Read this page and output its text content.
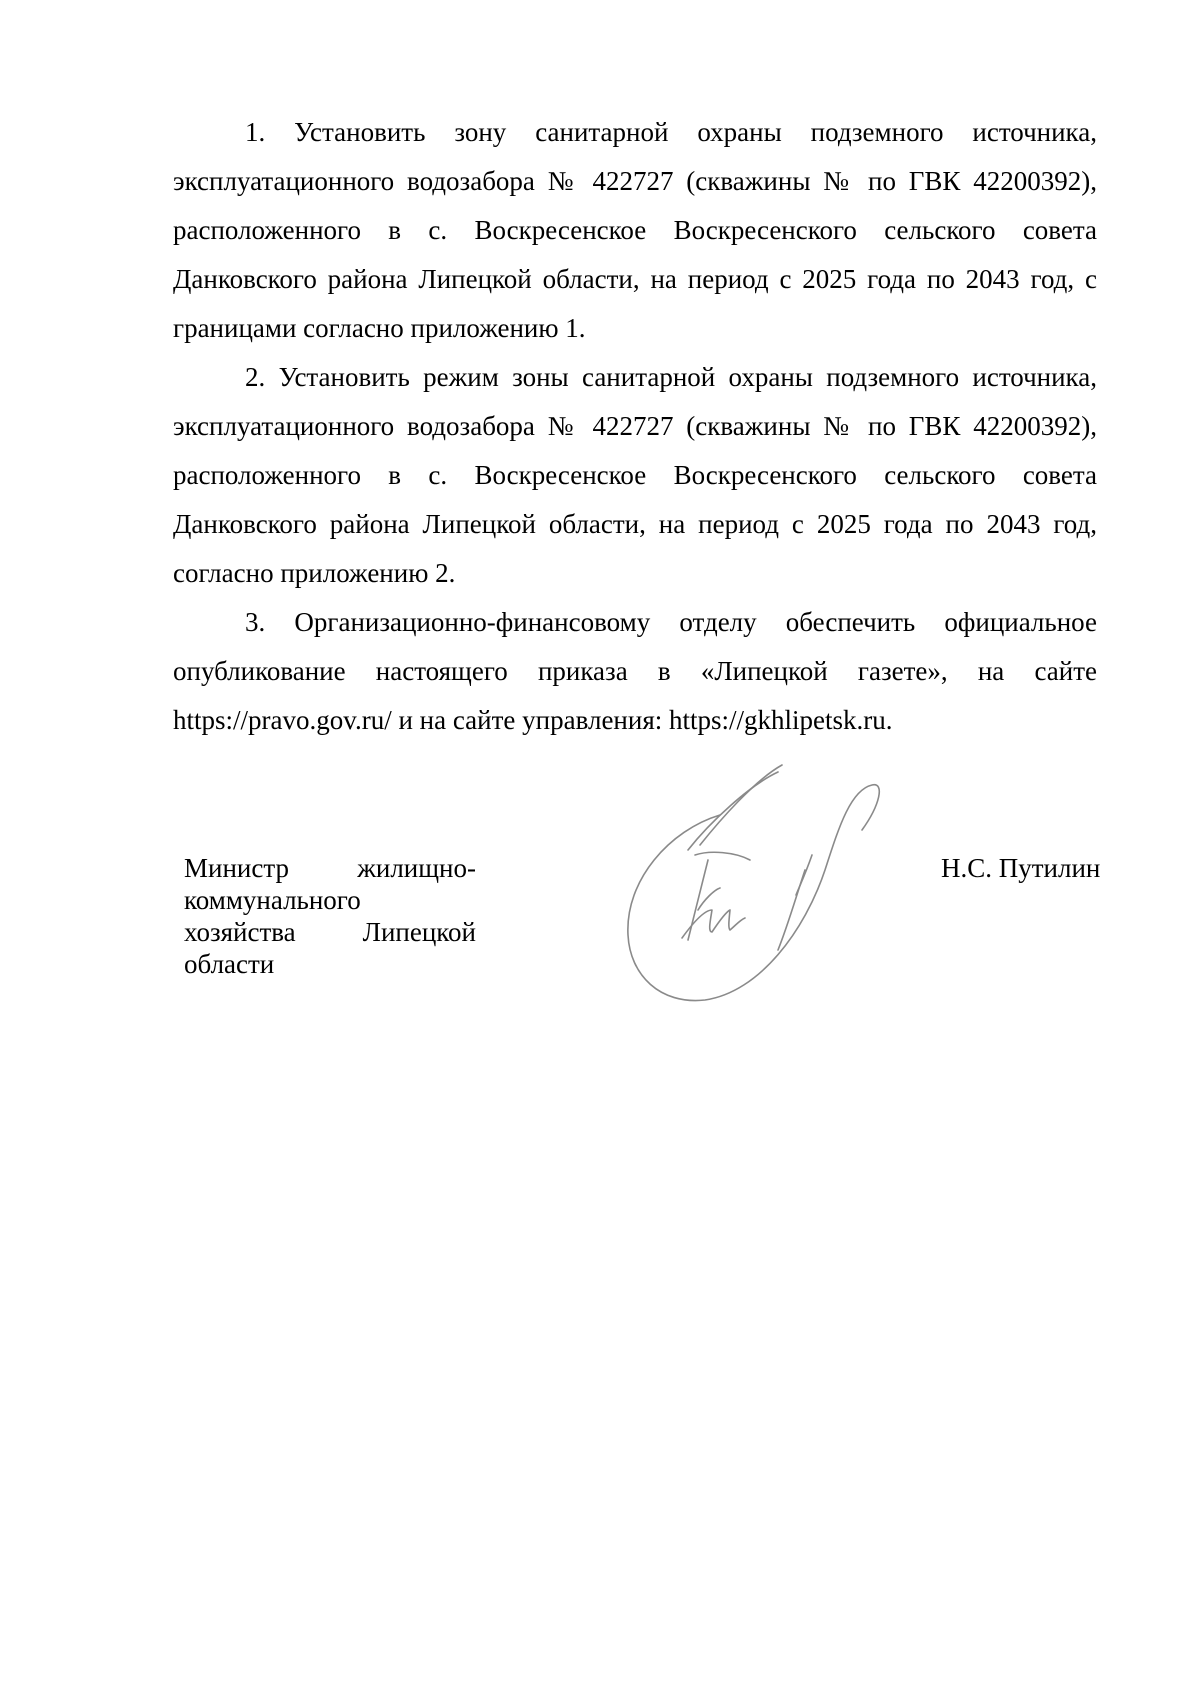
1. Установить зону санитарной охраны подземного источника, эксплуатационного водозабора № 422727 (скважины № по ГВК 42200392), расположенного в с. Воскресенское Воскресенского сельского совета Данковского района Липецкой области, на период с 2025 года по 2043 год, с границами согласно приложению 1.

2. Установить режим зоны санитарной охраны подземного источника, эксплуатационного водозабора № 422727 (скважины № по ГВК 42200392), расположенного в с. Воскресенское Воскресенского сельского совета Данковского района Липецкой области, на период с 2025 года по 2043 год, согласно приложению 2.

3. Организационно-финансовому отделу обеспечить официальное опубликование настоящего приказа в «Липецкой газете», на сайте https://pravo.gov.ru/ и на сайте управления: https://gkhlipetsk.ru.

Министр жилищно-коммунального хозяйства Липецкой области

Н.С. Путилин
